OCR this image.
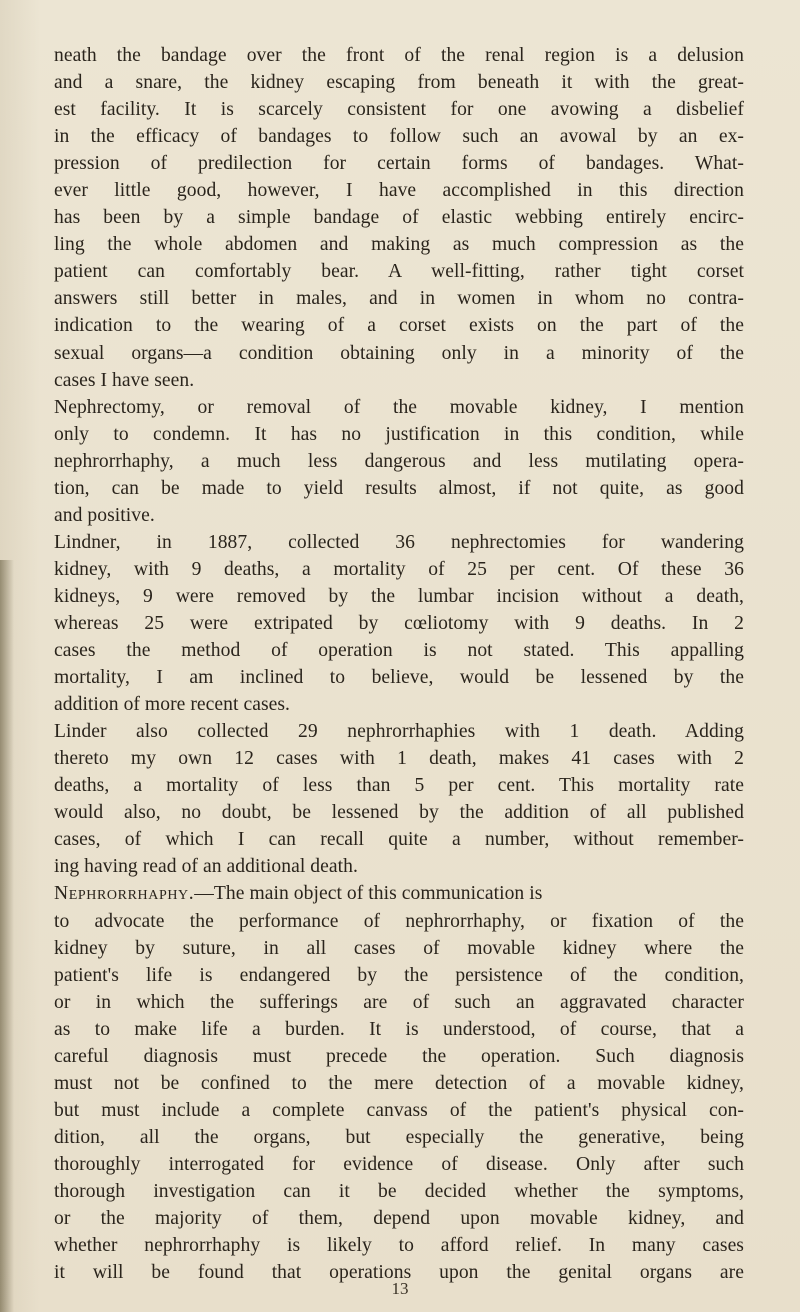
neath the bandage over the front of the renal region is a delusion
and a snare, the kidney escaping from beneath it with the great-
est facility. It is scarcely consistent for one avowing a disbelief
in the efficacy of bandages to follow such an avowal by an ex-
pression of predilection for certain forms of bandages. What-
ever little good, however, I have accomplished in this direction
has been by a simple bandage of elastic webbing entirely encirc-
ling the whole abdomen and making as much compression as the
patient can comfortably bear. A well-fitting, rather tight corset
answers still better in males, and in women in whom no contra-
indication to the wearing of a corset exists on the part of the
sexual organs—a condition obtaining only in a minority of the
cases I have seen.
Nephrectomy, or removal of the movable kidney, I mention
only to condemn. It has no justification in this condition, while
nephrorrhaphy, a much less dangerous and less mutilating opera-
tion, can be made to yield results almost, if not quite, as good
and positive.
Lindner, in 1887, collected 36 nephrectomies for wandering
kidney, with 9 deaths, a mortality of 25 per cent. Of these 36
kidneys, 9 were removed by the lumbar incision without a death,
whereas 25 were extripated by cœliotomy with 9 deaths. In 2
cases the method of operation is not stated. This appalling
mortality, I am inclined to believe, would be lessened by the
addition of more recent cases.
Linder also collected 29 nephrorrhaphies with 1 death. Adding
thereto my own 12 cases with 1 death, makes 41 cases with 2
deaths, a mortality of less than 5 per cent. This mortality rate
would also, no doubt, be lessened by the addition of all published
cases, of which I can recall quite a number, without remember-
ing having read of an additional death.
Nephrorrhaphy.—The main object of this communication is
to advocate the performance of nephrorrhaphy, or fixation of the
kidney by suture, in all cases of movable kidney where the
patient's life is endangered by the persistence of the condition,
or in which the sufferings are of such an aggravated character
as to make life a burden. It is understood, of course, that a
careful diagnosis must precede the operation. Such diagnosis
must not be confined to the mere detection of a movable kidney,
but must include a complete canvass of the patient's physical con-
dition, all the organs, but especially the generative, being
thoroughly interrogated for evidence of disease. Only after such
thorough investigation can it be decided whether the symptoms,
or the majority of them, depend upon movable kidney, and
whether nephrorrhaphy is likely to afford relief. In many cases
it will be found that operations upon the genital organs are
13
